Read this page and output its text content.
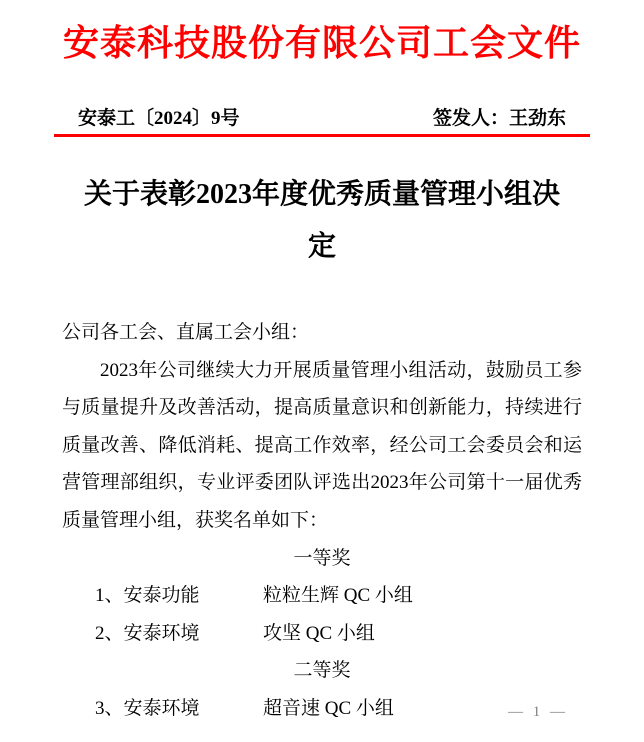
安泰科技股份有限公司工会文件
安泰工〔2024〕9号	签发人：王劲东
关于表彰2023年度优秀质量管理小组决
定
公司各工会、直属工会小组：
2023年公司继续大力开展质量管理小组活动，鼓励员工参
与质量提升及改善活动，提高质量意识和创新能力，持续进行
质量改善、降低消耗、提高工作效率，经公司工会委员会和运
营管理部组织，专业评委团队评选出2023年公司第十一届优秀
质量管理小组，获奖名单如下：
一等奖
1、 安泰功能	粒粒生辉 QC 小组
2、 安泰环境	攻坚 QC 小组
二等奖
3、 安泰环境	超音速 QC 小组	— 1 —
